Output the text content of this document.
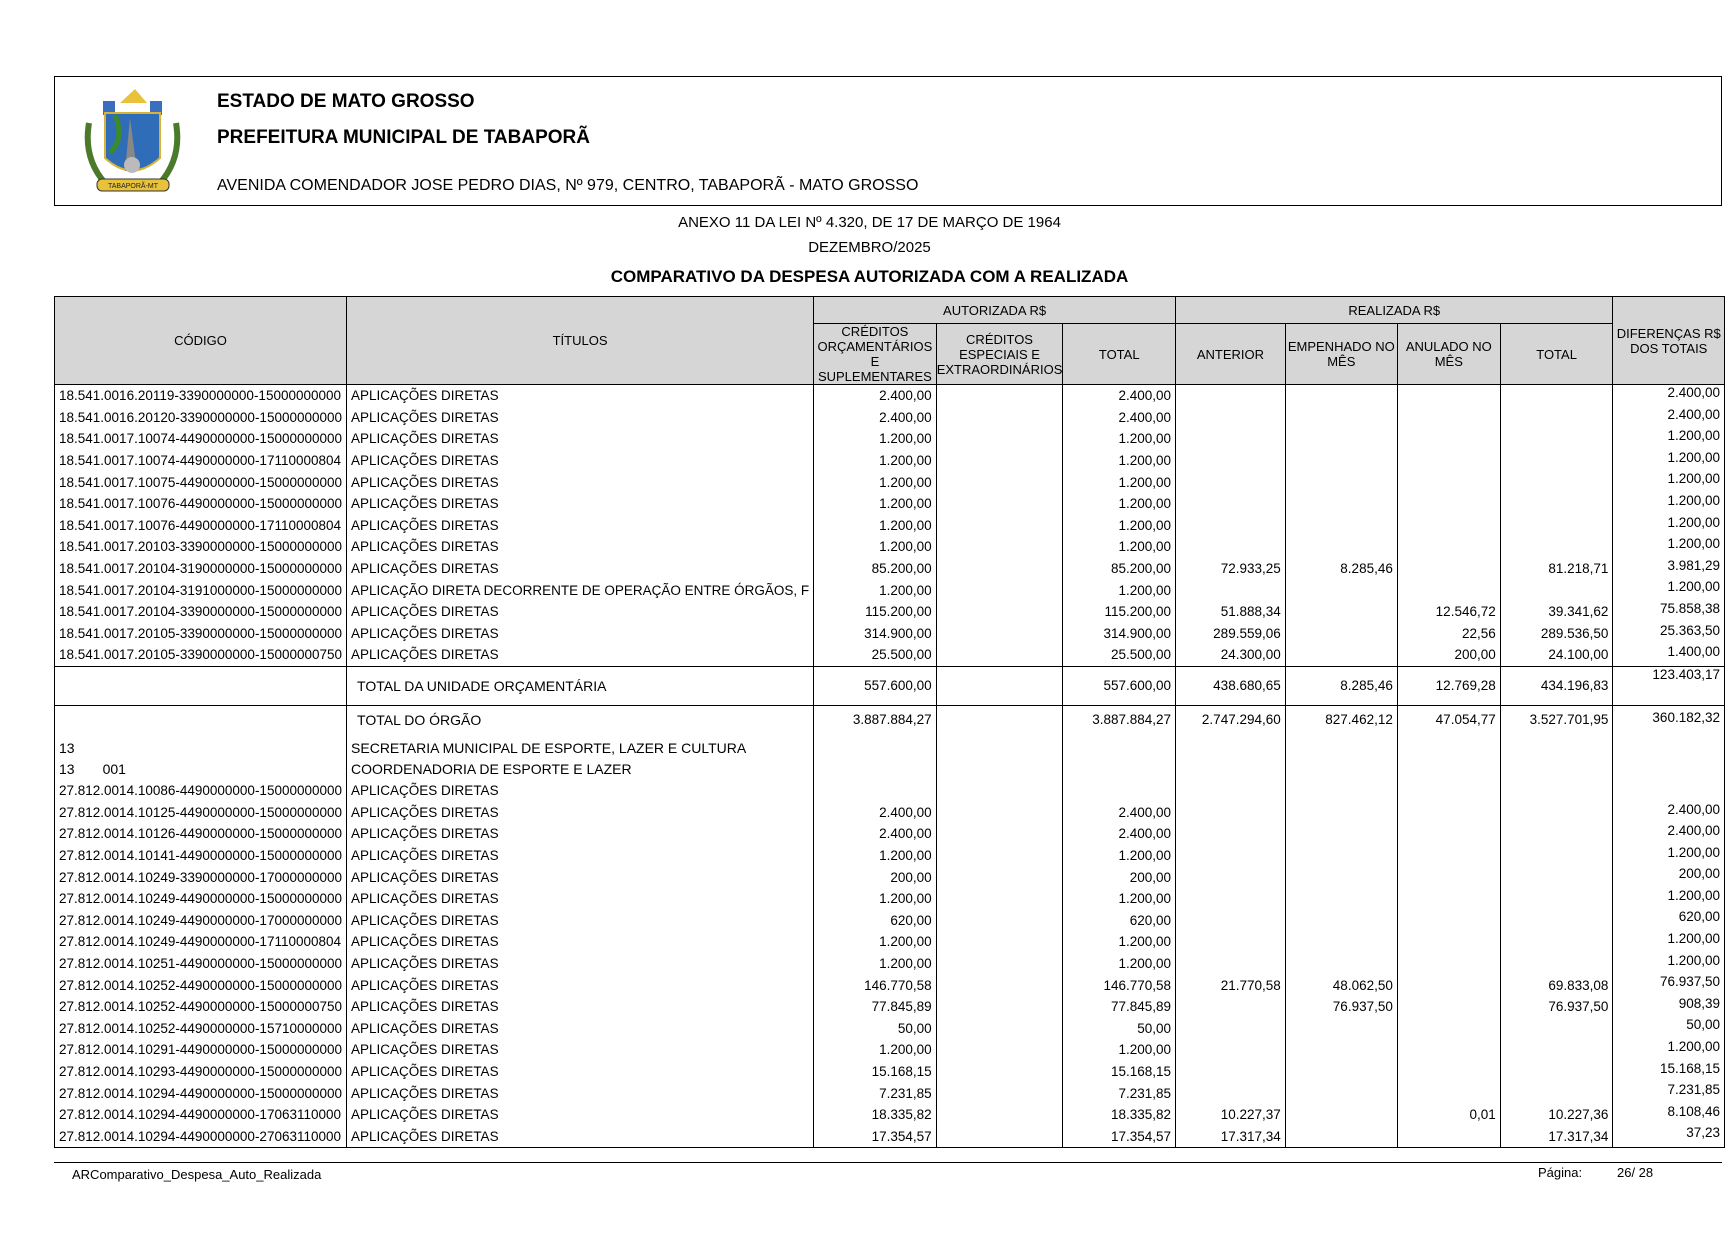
TABAPORÃ-MT
ESTADO DE MATO GROSSO
PREFEITURA MUNICIPAL DE TABAPORÃ
AVENIDA COMENDADOR JOSE PEDRO DIAS, Nº 979, CENTRO, TABAPORÃ - MATO GROSSO
ANEXO 11 DA LEI Nº 4.320, DE 17 DE MARÇO DE 1964
DEZEMBRO/2025
COMPARATIVO DA DESPESA AUTORIZADA COM A REALIZADA
CÓDIGO	TÍTULOS	AUTORIZADA R$			REALIZADA R$				DIFERENÇAS R$ DOS TOTAIS
		CRÉDITOS ORÇAMENTÁRIOS E SUPLEMENTARES	CRÉDITOS ESPECIAIS E EXTRAORDINÁRIOS	TOTAL	ANTERIOR	EMPENHADO NO MÊS	ANULADO NO MÊS	TOTAL	
18.541.0016.20119-3390000000-15000000000	APLICAÇÕES DIRETAS	2.400,00		2.400,00					2.400,00
18.541.0016.20120-3390000000-15000000000	APLICAÇÕES DIRETAS	2.400,00		2.400,00					2.400,00
18.541.0017.10074-4490000000-15000000000	APLICAÇÕES DIRETAS	1.200,00		1.200,00					1.200,00
18.541.0017.10074-4490000000-17110000804	APLICAÇÕES DIRETAS	1.200,00		1.200,00					1.200,00
18.541.0017.10075-4490000000-15000000000	APLICAÇÕES DIRETAS	1.200,00		1.200,00					1.200,00
18.541.0017.10076-4490000000-15000000000	APLICAÇÕES DIRETAS	1.200,00		1.200,00					1.200,00
18.541.0017.10076-4490000000-17110000804	APLICAÇÕES DIRETAS	1.200,00		1.200,00					1.200,00
18.541.0017.20103-3390000000-15000000000	APLICAÇÕES DIRETAS	1.200,00		1.200,00					1.200,00
18.541.0017.20104-3190000000-15000000000	APLICAÇÕES DIRETAS	85.200,00		85.200,00	72.933,25	8.285,46		81.218,71	3.981,29
18.541.0017.20104-3191000000-15000000000	APLICAÇÃO DIRETA DECORRENTE DE OPERAÇÃO ENTRE ÓRGÃOS, F	1.200,00		1.200,00					1.200,00
18.541.0017.20104-3390000000-15000000000	APLICAÇÕES DIRETAS	115.200,00		115.200,00	51.888,34		12.546,72	39.341,62	75.858,38
18.541.0017.20105-3390000000-15000000000	APLICAÇÕES DIRETAS	314.900,00		314.900,00	289.559,06		22,56	289.536,50	25.363,50
18.541.0017.20105-3390000000-15000000750	APLICAÇÕES DIRETAS	25.500,00		25.500,00	24.300,00		200,00	24.100,00	1.400,00
	TOTAL DA UNIDADE ORÇAMENTÁRIA	557.600,00		557.600,00	438.680,65	8.285,46	12.769,28	434.196,83	123.403,17
	TOTAL DO ÓRGÃO	3.887.884,27		3.887.884,27	2.747.294,60	827.462,12	47.054,77	3.527.701,95	360.182,32
13	SECRETARIA MUNICIPAL DE ESPORTE, LAZER E CULTURA								
13 001	COORDENADORIA DE ESPORTE E LAZER								
27.812.0014.10086-4490000000-15000000000	APLICAÇÕES DIRETAS								
27.812.0014.10125-4490000000-15000000000	APLICAÇÕES DIRETAS	2.400,00		2.400,00					2.400,00
27.812.0014.10126-4490000000-15000000000	APLICAÇÕES DIRETAS	2.400,00		2.400,00					2.400,00
27.812.0014.10141-4490000000-15000000000	APLICAÇÕES DIRETAS	1.200,00		1.200,00					1.200,00
27.812.0014.10249-3390000000-17000000000	APLICAÇÕES DIRETAS	200,00		200,00					200,00
27.812.0014.10249-4490000000-15000000000	APLICAÇÕES DIRETAS	1.200,00		1.200,00					1.200,00
27.812.0014.10249-4490000000-17000000000	APLICAÇÕES DIRETAS	620,00		620,00					620,00
27.812.0014.10249-4490000000-17110000804	APLICAÇÕES DIRETAS	1.200,00		1.200,00					1.200,00
27.812.0014.10251-4490000000-15000000000	APLICAÇÕES DIRETAS	1.200,00		1.200,00					1.200,00
27.812.0014.10252-4490000000-15000000000	APLICAÇÕES DIRETAS	146.770,58		146.770,58	21.770,58	48.062,50		69.833,08	76.937,50
27.812.0014.10252-4490000000-15000000750	APLICAÇÕES DIRETAS	77.845,89		77.845,89		76.937,50		76.937,50	908,39
27.812.0014.10252-4490000000-15710000000	APLICAÇÕES DIRETAS	50,00		50,00					50,00
27.812.0014.10291-4490000000-15000000000	APLICAÇÕES DIRETAS	1.200,00		1.200,00					1.200,00
27.812.0014.10293-4490000000-15000000000	APLICAÇÕES DIRETAS	15.168,15		15.168,15					15.168,15
27.812.0014.10294-4490000000-15000000000	APLICAÇÕES DIRETAS	7.231,85		7.231,85					7.231,85
27.812.0014.10294-4490000000-17063110000	APLICAÇÕES DIRETAS	18.335,82		18.335,82	10.227,37		0,01	10.227,36	8.108,46
27.812.0014.10294-4490000000-27063110000	APLICAÇÕES DIRETAS	17.354,57		17.354,57	17.317,34			17.317,34	37,23
ARComparativo_Despesa_Auto_Realizada	Página:	26/ 28
